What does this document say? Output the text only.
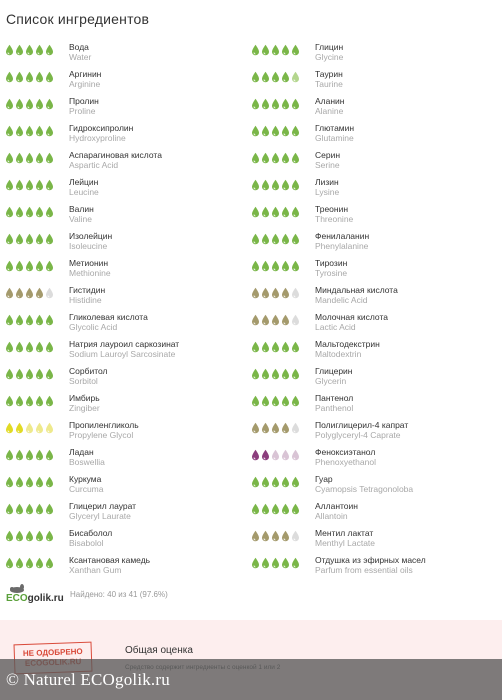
Список ингредиентов
Вода
Water
Аргинин
Arginine
Пролин
Proline
Гидроксипролин
Hydroxyproline
Аспарагиновая кислота
Aspartic Acid
Лейцин
Leucine
Валин
Valine
Изолейцин
Isoleucine
Метионин
Methionine
Гистидин
Histidine
Гликолевая кислота
Glycolic Acid
Натрия лауроил саркозинат
Sodium Lauroyl Sarcosinate
Сорбитол
Sorbitol
Имбирь
Zingiber
Пропиленгликоль
Propylene Glycol
Ладан
Boswellia
Куркума
Curcuma
Глицерил лаурат
Glyceryl Laurate
Бисаболол
Bisabolol
Ксантановая камедь
Xanthan Gum
Глицин
Glycine
Таурин
Taurine
Аланин
Alanine
Глютамин
Glutamine
Серин
Serine
Лизин
Lysine
Треонин
Threonine
Фенилаланин
Phenylalanine
Тирозин
Tyrosine
Миндальная кислота
Mandelic Acid
Молочная кислота
Lactic Acid
Мальтодекстрин
Maltodextrin
Глицерин
Glycerin
Пантенол
Panthenol
Полиглицерил-4 капрат
Polyglyceryl-4 Caprate
Феноксиэтанол
Phenoxyethanol
Гуар
Cyamopsis Tetragonoloba
Аллантоин
Allantoin
Ментил лактат
Menthyl Lactate
Отдушка из эфирных масел
Parfum from essential oils
ECOgolik.ru Найдено: 40 из 41 (97.6%)
НЕ ОДОБРЕНО	Общая оценка
© Naturel ECOgolik.ru
